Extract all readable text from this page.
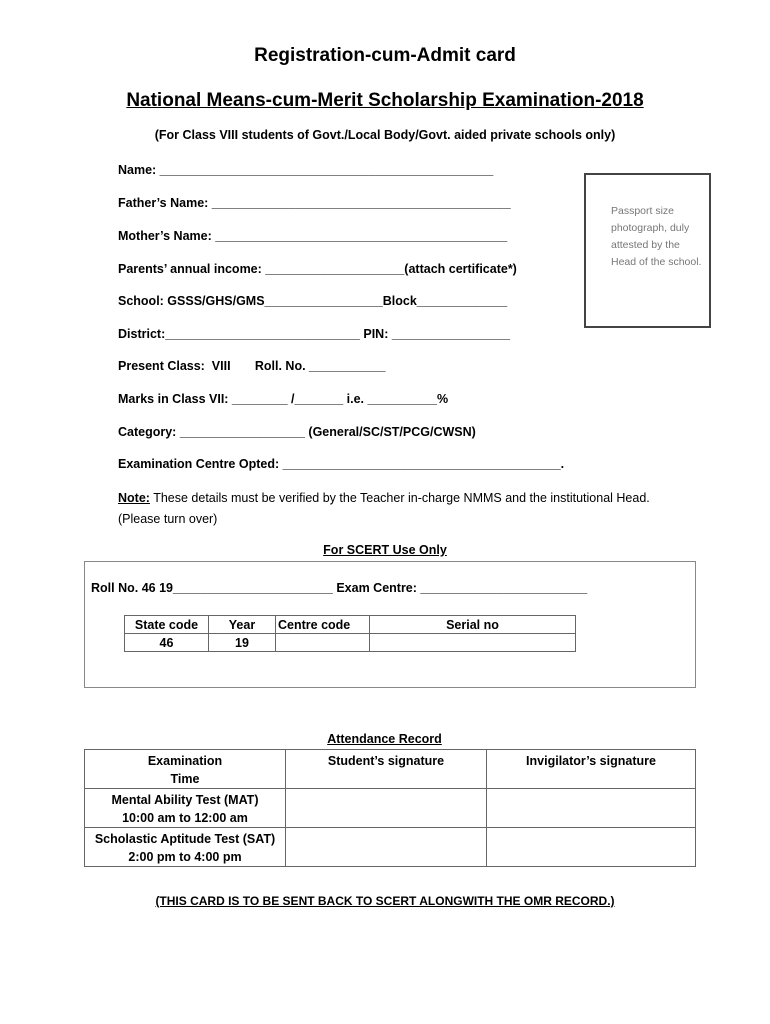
Registration-cum-Admit card
National Means-cum-Merit Scholarship Examination-2018
(For Class VIII students of Govt./Local Body/Govt. aided private schools only)
Name: ________________________________________________
Father’s Name: ___________________________________________
Mother’s Name: __________________________________________
Parents’ annual income: ____________________(attach certificate*)
School: GSSS/GHS/GMS_________________Block_____________
District:____________________________ PIN: _________________
Present Class:  VIII       Roll. No. ___________
Marks in Class VII: ________ /_______ i.e. __________%
Category: __________________ (General/SC/ST/PCG/CWSN)
Examination Centre Opted: ________________________________________.
Passport size photograph, duly attested by the Head of the school.
Note: These details must be verified by the Teacher in-charge NMMS and the institutional Head. (Please turn over)
For SCERT Use Only
Roll No. 46 19_______________________ Exam Centre: ________________________
State code	Year	Centre code	Serial no
46	19		
Attendance Record
Examination
Time	Student’s signature	Invigilator’s signature

Mental Ability Test (MAT)
10:00 am to 12:00 am		

Scholastic Aptitude Test (SAT)
2:00 pm to 4:00 pm		

(THIS CARD IS TO BE SENT BACK TO SCERT ALONGWITH THE OMR RECORD.)
